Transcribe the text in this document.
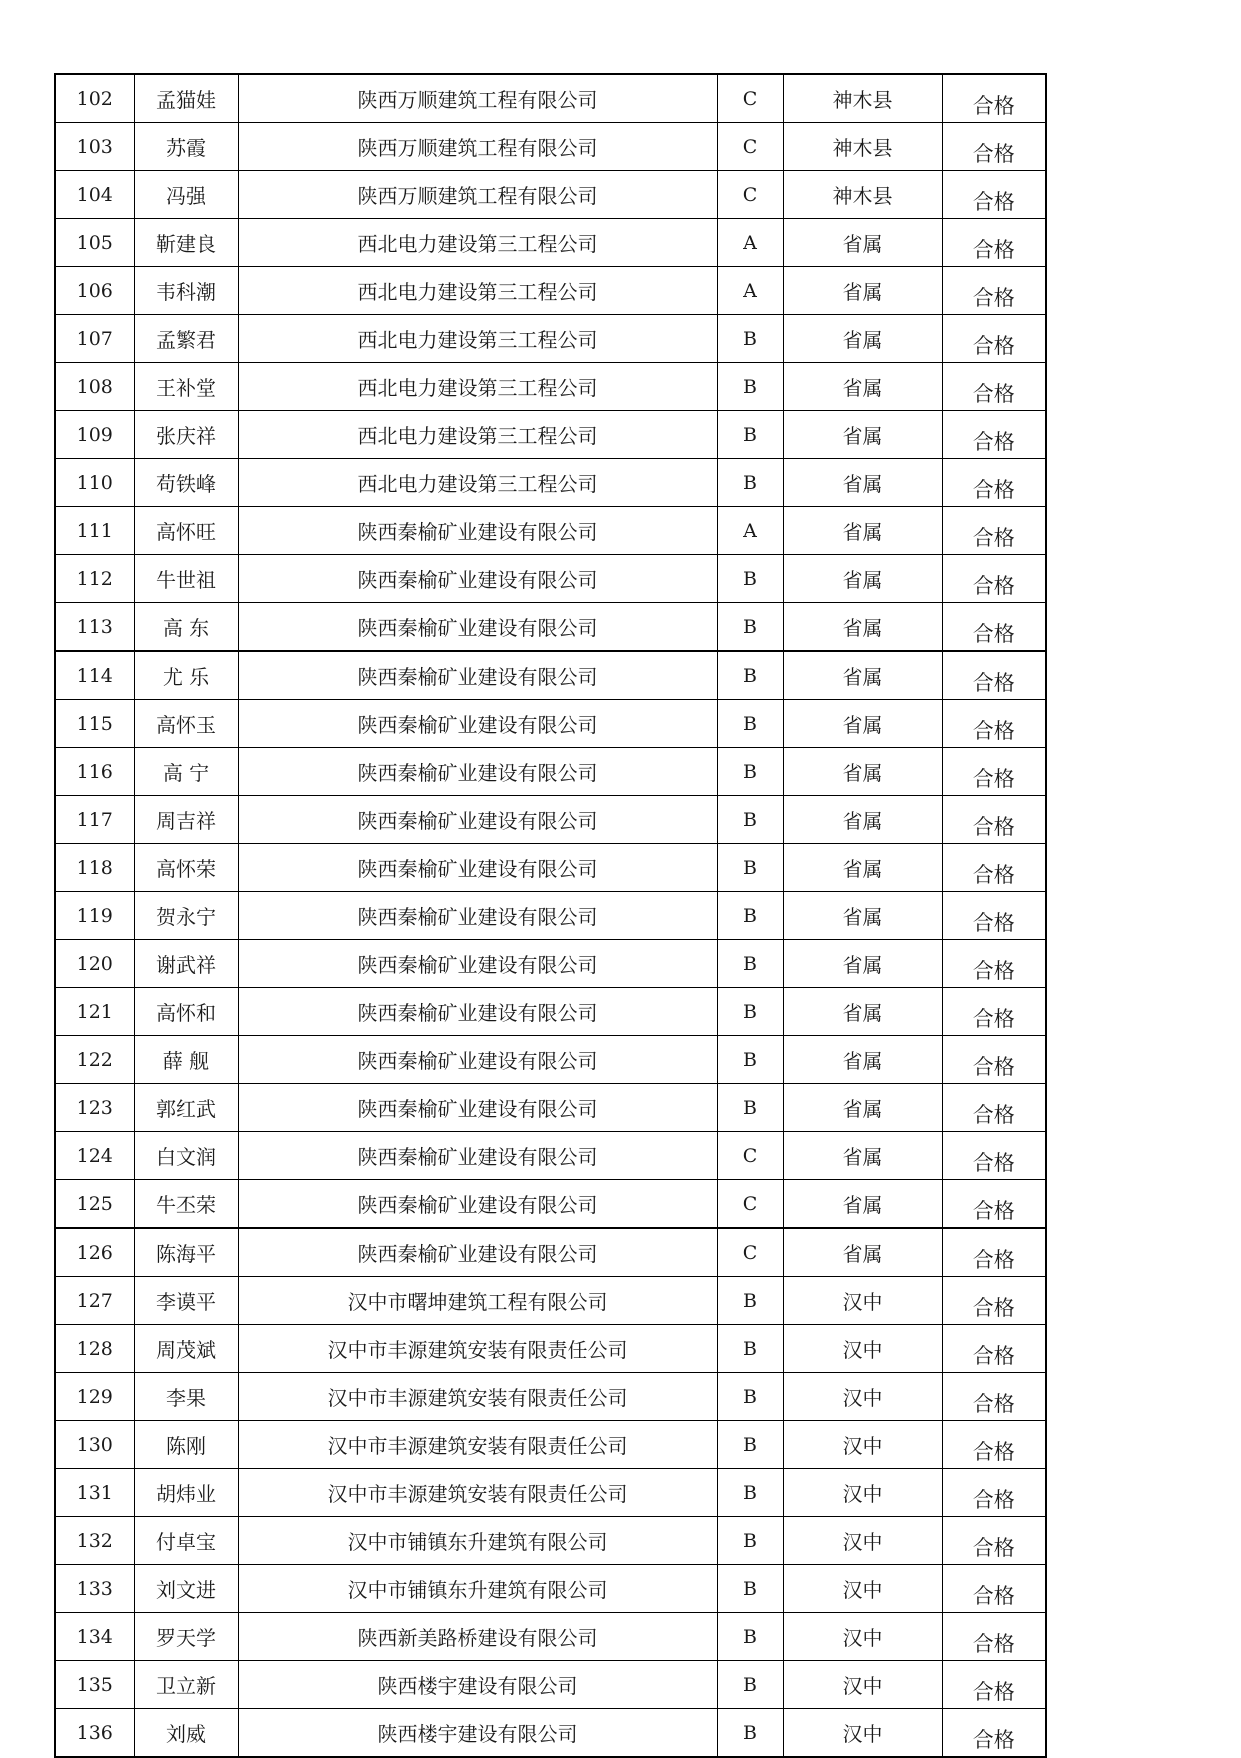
102	孟猫娃	陕西万顺建筑工程有限公司	C	神木县	合格
103	苏霞	陕西万顺建筑工程有限公司	C	神木县	合格
104	冯强	陕西万顺建筑工程有限公司	C	神木县	合格
105	靳建良	西北电力建设第三工程公司	A	省属	合格
106	韦科潮	西北电力建设第三工程公司	A	省属	合格
107	孟繁君	西北电力建设第三工程公司	B	省属	合格
108	王补堂	西北电力建设第三工程公司	B	省属	合格
109	张庆祥	西北电力建设第三工程公司	B	省属	合格
110	苟铁峰	西北电力建设第三工程公司	B	省属	合格
111	高怀旺	陕西秦榆矿业建设有限公司	A	省属	合格
112	牛世祖	陕西秦榆矿业建设有限公司	B	省属	合格
113	高 东	陕西秦榆矿业建设有限公司	B	省属	合格
114	尤 乐	陕西秦榆矿业建设有限公司	B	省属	合格
115	高怀玉	陕西秦榆矿业建设有限公司	B	省属	合格
116	高 宁	陕西秦榆矿业建设有限公司	B	省属	合格
117	周吉祥	陕西秦榆矿业建设有限公司	B	省属	合格
118	高怀荣	陕西秦榆矿业建设有限公司	B	省属	合格
119	贺永宁	陕西秦榆矿业建设有限公司	B	省属	合格
120	谢武祥	陕西秦榆矿业建设有限公司	B	省属	合格
121	高怀和	陕西秦榆矿业建设有限公司	B	省属	合格
122	薛 舰	陕西秦榆矿业建设有限公司	B	省属	合格
123	郭红武	陕西秦榆矿业建设有限公司	B	省属	合格
124	白文润	陕西秦榆矿业建设有限公司	C	省属	合格
125	牛丕荣	陕西秦榆矿业建设有限公司	C	省属	合格
126	陈海平	陕西秦榆矿业建设有限公司	C	省属	合格
127	李谟平	汉中市曙坤建筑工程有限公司	B	汉中	合格
128	周茂斌	汉中市丰源建筑安装有限责任公司	B	汉中	合格
129	李果	汉中市丰源建筑安装有限责任公司	B	汉中	合格
130	陈刚	汉中市丰源建筑安装有限责任公司	B	汉中	合格
131	胡炜业	汉中市丰源建筑安装有限责任公司	B	汉中	合格
132	付卓宝	汉中市铺镇东升建筑有限公司	B	汉中	合格
133	刘文进	汉中市铺镇东升建筑有限公司	B	汉中	合格
134	罗天学	陕西新美路桥建设有限公司	B	汉中	合格
135	卫立新	陕西楼宇建设有限公司	B	汉中	合格
136	刘威	陕西楼宇建设有限公司	B	汉中	合格
